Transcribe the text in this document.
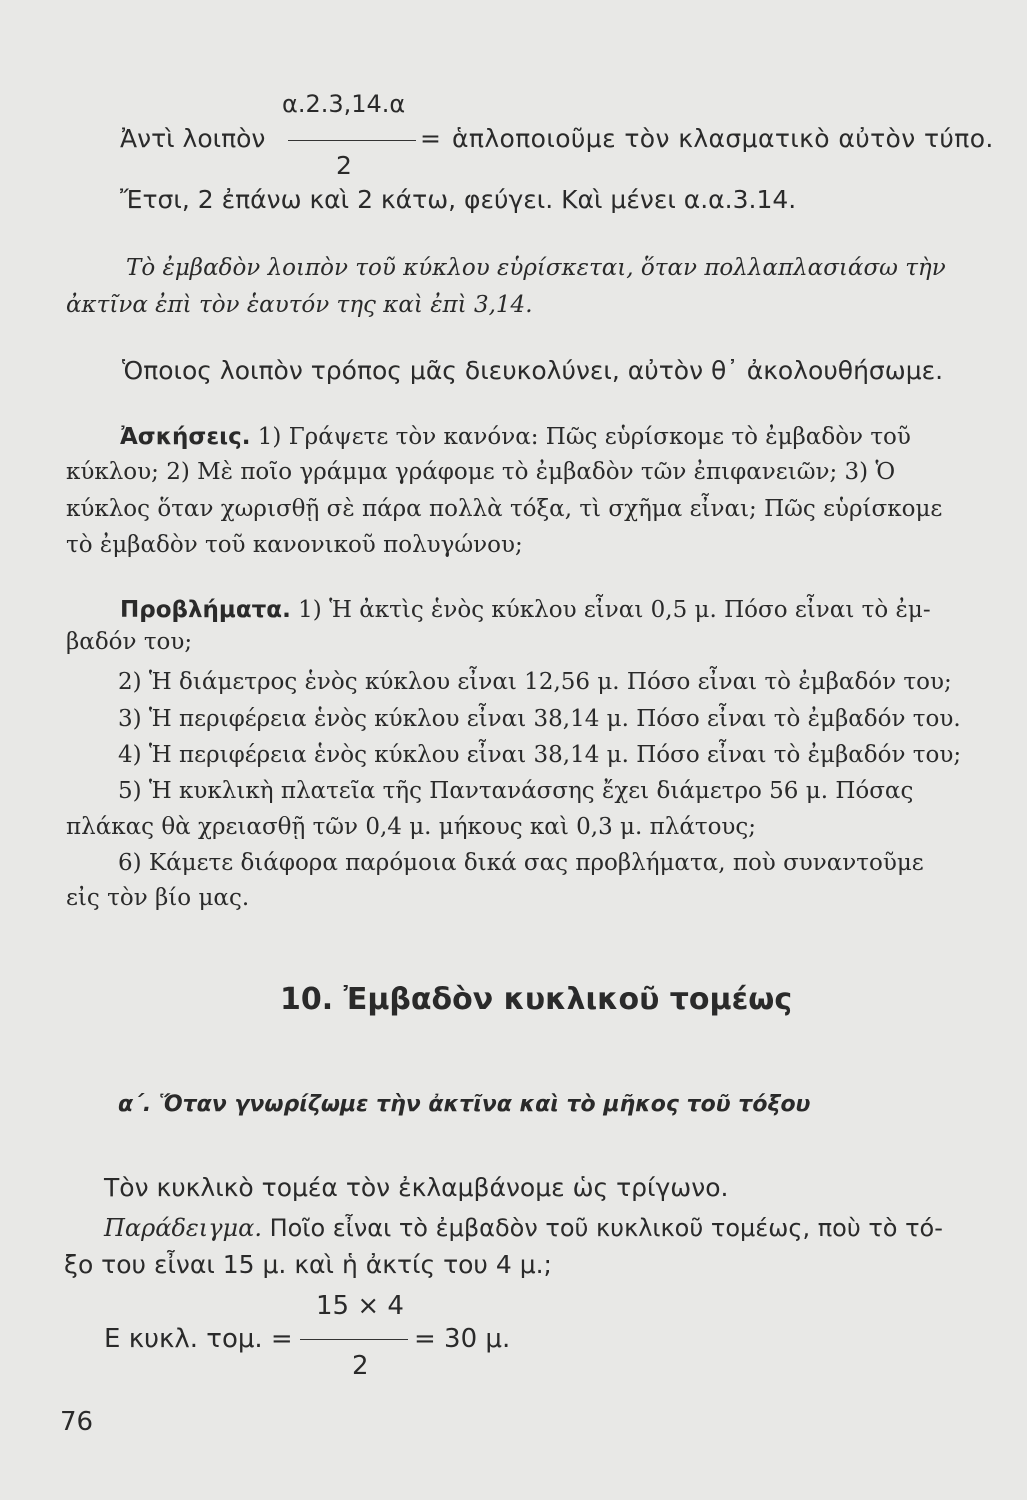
α.2.3,14.α
Ἀντὶ λοιπὸν	= ἁπλοποιοῦμε τὸν κλασματικὸ αὐτὸν τύπο.
2
Ἔτσι, 2 ἐπάνω καὶ 2 κάτω, φεύγει. Καὶ μένει α.α.3.14.
Τὸ ἐμβαδὸν λοιπὸν τοῦ κύκλου εὑρίσκεται, ὅταν πολλαπλασιάσω τὴν
ἀκτῖνα ἐπὶ τὸν ἑαυτόν της καὶ ἐπὶ 3,14.
Ὁποιος λοιπὸν τρόπος μᾶς διευκολύνει, αὐτὸν θ᾽ ἀκολουθήσωμε.
Ἀσκήσεις. 1) Γράψετε τὸν κανόνα: Πῶς εὑρίσκομε τὸ ἐμβαδὸν τοῦ
κύκλου; 2) Μὲ ποῖο γράμμα γράφομε τὸ ἐμβαδὸν τῶν ἐπιφανειῶν; 3) Ὁ
κύκλος ὅταν χωρισθῇ σὲ πάρα πολλὰ τόξα, τὶ σχῆμα εἶναι; Πῶς εὑρίσκομε
τὸ ἐμβαδὸν τοῦ κανονικοῦ πολυγώνου;
Προβλήματα. 1) Ἡ ἀκτὶς ἑνὸς κύκλου εἶναι 0,5 μ. Πόσο εἶναι τὸ ἐμ-
βαδόν του;
2) Ἡ διάμετρος ἑνὸς κύκλου εἶναι 12,56 μ. Πόσο εἶναι τὸ ἐμβαδόν του;
3) Ἡ περιφέρεια ἑνὸς κύκλου εἶναι 38,14 μ. Πόσο εἶναι τὸ ἐμβαδόν του.
4) Ἡ περιφέρεια ἑνὸς κύκλου εἶναι 38,14 μ. Πόσο εἶναι τὸ ἐμβαδόν του;
5) Ἡ κυκλικὴ πλατεῖα τῆς Παντανάσσης ἔχει διάμετρο 56 μ. Πόσας
πλάκας θὰ χρειασθῇ τῶν 0,4 μ. μήκους καὶ 0,3 μ. πλάτους;
6) Κάμετε διάφορα παρόμοια δικά σας προβλήματα, ποὺ συναντοῦμε
εἰς τὸν βίο μας.
10. Ἐμβαδὸν κυκλικοῦ τομέως
α΄. Ὅταν γνωρίζωμε τὴν ἀκτῖνα καὶ τὸ μῆκος τοῦ τόξου
Τὸν κυκλικὸ τομέα τὸν ἐκλαμβάνομε ὡς τρίγωνο.
Παράδειγμα. Ποῖο εἶναι τὸ ἐμβαδὸν τοῦ κυκλικοῦ τομέως, ποὺ τὸ τό-
ξο του εἶναι 15 μ. καὶ ἡ ἀκτίς του 4 μ.;
15 × 4
Ε κυκλ. τομ. =	= 30 μ.
2
76
